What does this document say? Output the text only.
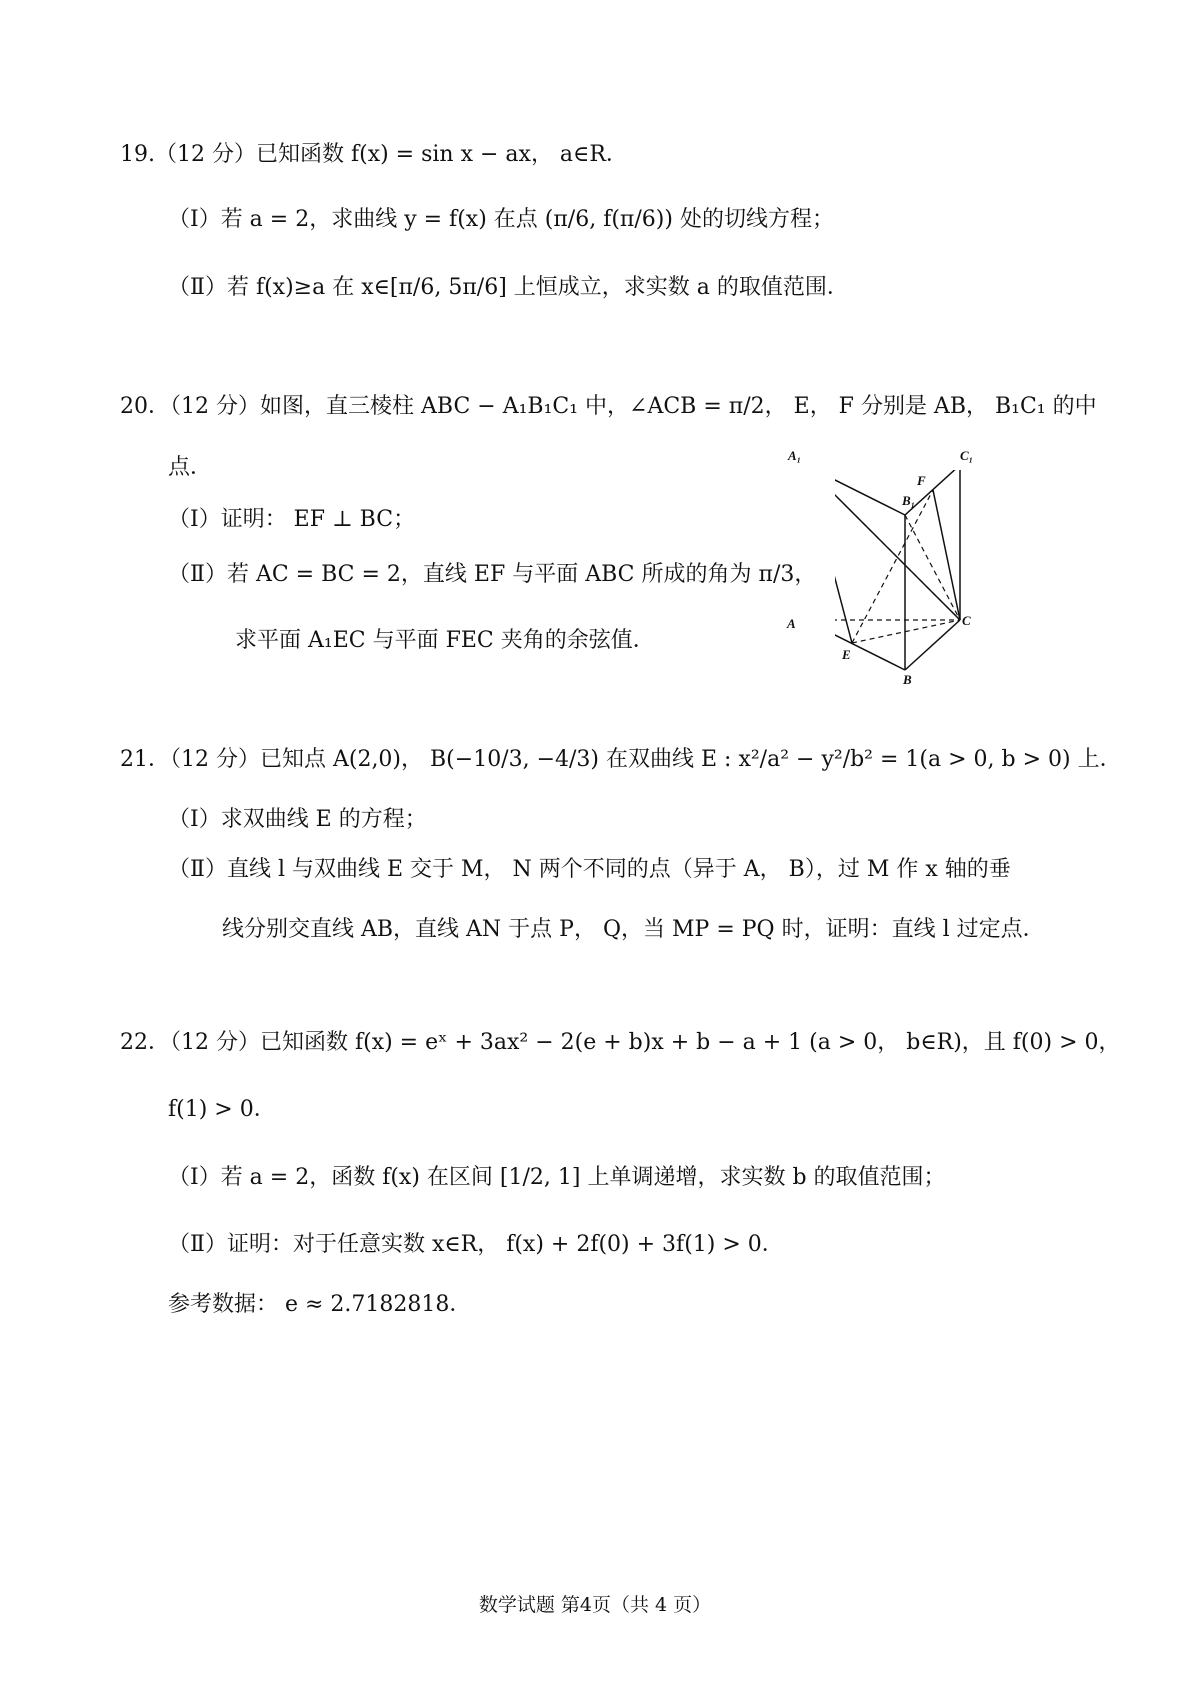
19.（12 分）已知函数 f(x) = sin x − ax， a∈R．
（Ⅰ）若 a = 2，求曲线 y = f(x) 在点 (π/6, f(π/6)) 处的切线方程；
（Ⅱ）若 f(x)≥a 在 x∈[π/6, 5π/6] 上恒成立，求实数 a 的取值范围．
20．（12 分）如图，直三棱柱 ABC − A₁B₁C₁ 中，∠ACB = π/2， E， F 分别是 AB， B₁C₁ 的中
点．
（Ⅰ）证明： EF ⊥ BC；
（Ⅱ）若 AC = BC = 2，直线 EF 与平面 ABC 所成的角为 π/3，
求平面 A₁EC 与平面 FEC 夹角的余弦值．
A₁	C₁
B₁
F
A	C
E
B
21．（12 分）已知点 A(2,0)， B(−10/3, −4/3) 在双曲线 E : x²/a² − y²/b² = 1(a > 0, b > 0) 上．
（Ⅰ）求双曲线 E 的方程；
（Ⅱ）直线 l 与双曲线 E 交于 M， N 两个不同的点（异于 A， B），过 M 作 x 轴的垂
线分别交直线 AB，直线 AN 于点 P， Q，当 MP = PQ 时，证明：直线 l 过定点．
22．（12 分）已知函数 f(x) = eˣ + 3ax² − 2(e + b)x + b − a + 1 (a > 0， b∈R)，且 f(0) > 0，
f(1) > 0．
（Ⅰ）若 a = 2，函数 f(x) 在区间 [1/2, 1] 上单调递增，求实数 b 的取值范围；
（Ⅱ）证明：对于任意实数 x∈R， f(x) + 2f(0) + 3f(1) > 0．
参考数据： e ≈ 2.7182818．
数学试题 第4页（共 4 页）
